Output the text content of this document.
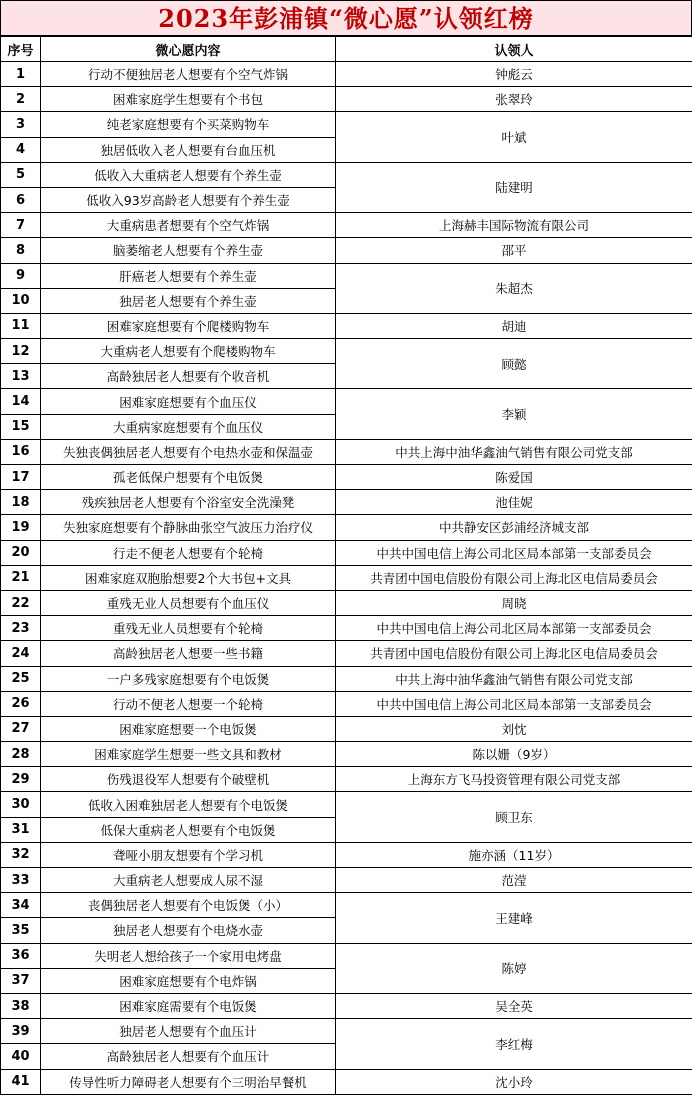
2023年彭浦镇“微心愿”认领红榜
序号	微心愿内容	认领人
1	行动不便独居老人想要有个空气炸锅	钟彪云
2	困难家庭学生想要有个书包	张翠玲
3	纯老家庭想要有个买菜购物车	叶斌
4	独居低收入老人想要有台血压机	
5	低收入大重病老人想要有个养生壶	陆建明
6	低收入93岁高龄老人想要有个养生壶	
7	大重病患者想要有个空气炸锅	上海赫丰国际物流有限公司
8	脑萎缩老人想要有个养生壶	邵平
9	肝癌老人想要有个养生壶	朱超杰
10	独居老人想要有个养生壶	
11	困难家庭想要有个爬楼购物车	胡迪
12	大重病老人想要有个爬楼购物车	顾懿
13	高龄独居老人想要有个收音机	
14	困难家庭想要有个血压仪	李颖
15	大重病家庭想要有个血压仪	
16	失独丧偶独居老人想要有个电热水壶和保温壶	中共上海中油华鑫油气销售有限公司党支部
17	孤老低保户想要有个电饭煲	陈爱国
18	残疾独居老人想要有个浴室安全洗澡凳	池佳妮
19	失独家庭想要有个静脉曲张空气波压力治疗仪	中共静安区彭浦经济城支部
20	行走不便老人想要有个轮椅	中共中国电信上海公司北区局本部第一支部委员会
21	困难家庭双胞胎想要2个大书包+文具	共青团中国电信股份有限公司上海北区电信局委员会
22	重残无业人员想要有个血压仪	周晓
23	重残无业人员想要有个轮椅	中共中国电信上海公司北区局本部第一支部委员会
24	高龄独居老人想要一些书籍	共青团中国电信股份有限公司上海北区电信局委员会
25	一户多残家庭想要有个电饭煲	中共上海中油华鑫油气销售有限公司党支部
26	行动不便老人想要一个轮椅	中共中国电信上海公司北区局本部第一支部委员会
27	困难家庭想要一个电饭煲	刘忱
28	困难家庭学生想要一些文具和教材	陈以姗（9岁）
29	伤残退役军人想要有个破壁机	上海东方飞马投资管理有限公司党支部
30	低收入困难独居老人想要有个电饭煲	顾卫东
31	低保大重病老人想要有个电饭煲	
32	聋哑小朋友想要有个学习机	施亦涵（11岁）
33	大重病老人想要成人尿不湿	范滢
34	丧偶独居老人想要有个电饭煲（小）	王建峰
35	独居老人想要有个电烧水壶	
36	失明老人想给孩子一个家用电烤盘	陈婷
37	困难家庭想要有个电炸锅	
38	困难家庭需要有个电饭煲	吴全英
39	独居老人想要有个血压计	李红梅
40	高龄独居老人想要有个血压计	
41	传导性听力障碍老人想要有个三明治早餐机	沈小玲
